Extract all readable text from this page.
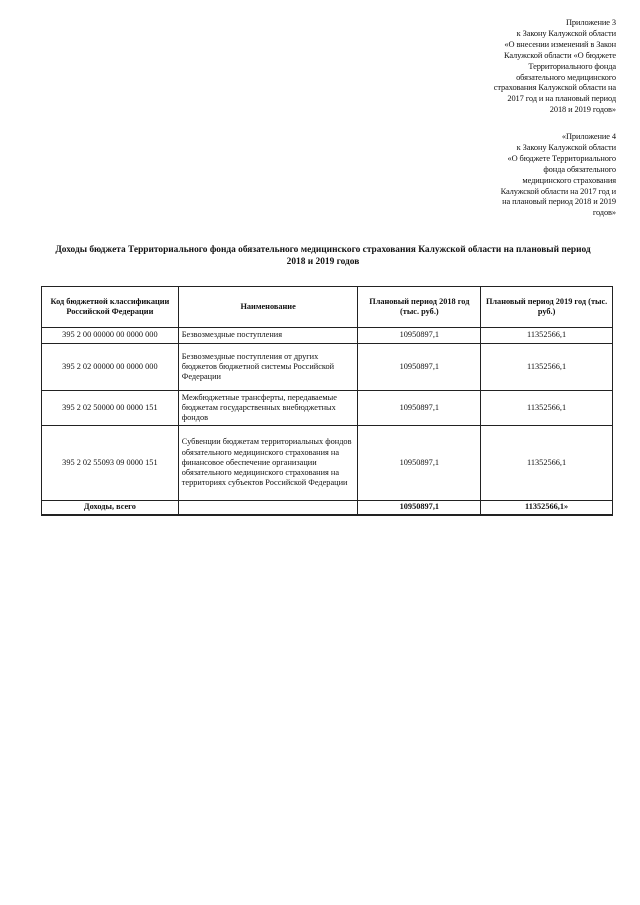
Приложение 3
к Закону Калужской области
«О внесении изменений в Закон
Калужской области «О бюджете
Территориального фонда
обязательного медицинского
страхования Калужской области на
2017 год и на плановый период
2018 и 2019 годов»
«Приложение 4
к Закону Калужской области
«О бюджете Территориального
фонда обязательного
медицинского страхования
Калужской области на 2017 год и
на плановый период 2018 и 2019
годов»
Доходы бюджета Территориального фонда обязательного медицинского страхования Калужской области на плановый период
2018 и 2019 годов
Код бюджетной классификации Российской Федерации	Наименование	Плановый период 2018 год (тыс. руб.)	Плановый период 2019 год (тыс. руб.)
395 2 00 00000 00 0000 000	Безвозмездные поступления	10950897,1	11352566,1
395 2 02 00000 00 0000 000	Безвозмездные поступления от других бюджетов бюджетной системы Российской Федерации	10950897,1	11352566,1
395 2 02 50000 00 0000 151	Межбюджетные трансферты, передаваемые бюджетам государственных внебюджетных фондов	10950897,1	11352566,1
395 2 02 55093 09 0000 151	Субвенции бюджетам территориальных фондов обязательного медицинского страхования на финансовое обеспечение организации обязательного медицинского страхования на территориях субъектов Российской Федерации	10950897,1	11352566,1
Доходы, всего		10950897,1	11352566,1»
